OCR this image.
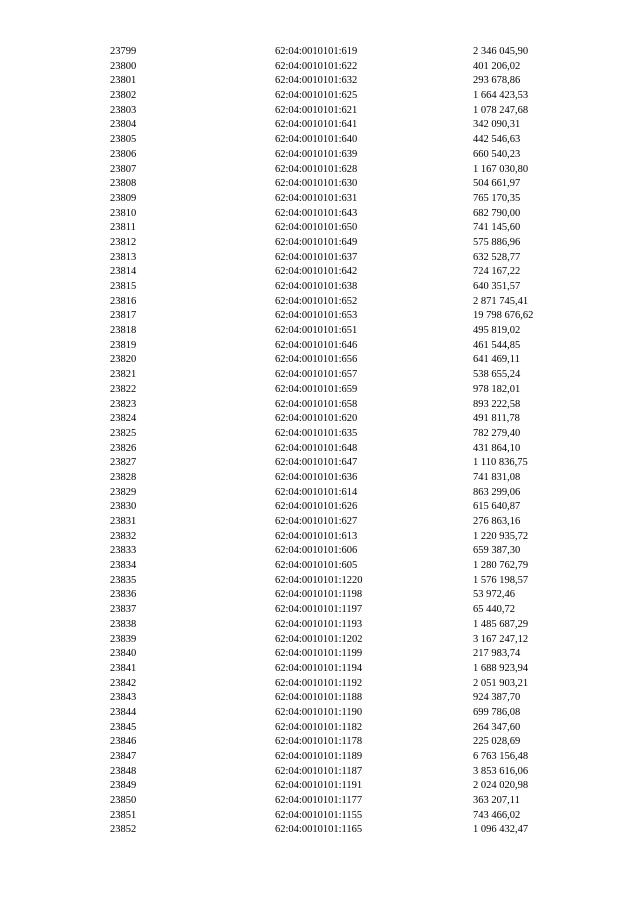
23799	62:04:0010101:619	2 346 045,90
23800	62:04:0010101:622	401 206,02
23801	62:04:0010101:632	293 678,86
23802	62:04:0010101:625	1 664 423,53
23803	62:04:0010101:621	1 078 247,68
23804	62:04:0010101:641	342 090,31
23805	62:04:0010101:640	442 546,63
23806	62:04:0010101:639	660 540,23
23807	62:04:0010101:628	1 167 030,80
23808	62:04:0010101:630	504 661,97
23809	62:04:0010101:631	765 170,35
23810	62:04:0010101:643	682 790,00
23811	62:04:0010101:650	741 145,60
23812	62:04:0010101:649	575 886,96
23813	62:04:0010101:637	632 528,77
23814	62:04:0010101:642	724 167,22
23815	62:04:0010101:638	640 351,57
23816	62:04:0010101:652	2 871 745,41
23817	62:04:0010101:653	19 798 676,62
23818	62:04:0010101:651	495 819,02
23819	62:04:0010101:646	461 544,85
23820	62:04:0010101:656	641 469,11
23821	62:04:0010101:657	538 655,24
23822	62:04:0010101:659	978 182,01
23823	62:04:0010101:658	893 222,58
23824	62:04:0010101:620	491 811,78
23825	62:04:0010101:635	782 279,40
23826	62:04:0010101:648	431 864,10
23827	62:04:0010101:647	1 110 836,75
23828	62:04:0010101:636	741 831,08
23829	62:04:0010101:614	863 299,06
23830	62:04:0010101:626	615 640,87
23831	62:04:0010101:627	276 863,16
23832	62:04:0010101:613	1 220 935,72
23833	62:04:0010101:606	659 387,30
23834	62:04:0010101:605	1 280 762,79
23835	62:04:0010101:1220	1 576 198,57
23836	62:04:0010101:1198	53 972,46
23837	62:04:0010101:1197	65 440,72
23838	62:04:0010101:1193	1 485 687,29
23839	62:04:0010101:1202	3 167 247,12
23840	62:04:0010101:1199	217 983,74
23841	62:04:0010101:1194	1 688 923,94
23842	62:04:0010101:1192	2 051 903,21
23843	62:04:0010101:1188	924 387,70
23844	62:04:0010101:1190	699 786,08
23845	62:04:0010101:1182	264 347,60
23846	62:04:0010101:1178	225 028,69
23847	62:04:0010101:1189	6 763 156,48
23848	62:04:0010101:1187	3 853 616,06
23849	62:04:0010101:1191	2 024 020,98
23850	62:04:0010101:1177	363 207,11
23851	62:04:0010101:1155	743 466,02
23852	62:04:0010101:1165	1 096 432,47
